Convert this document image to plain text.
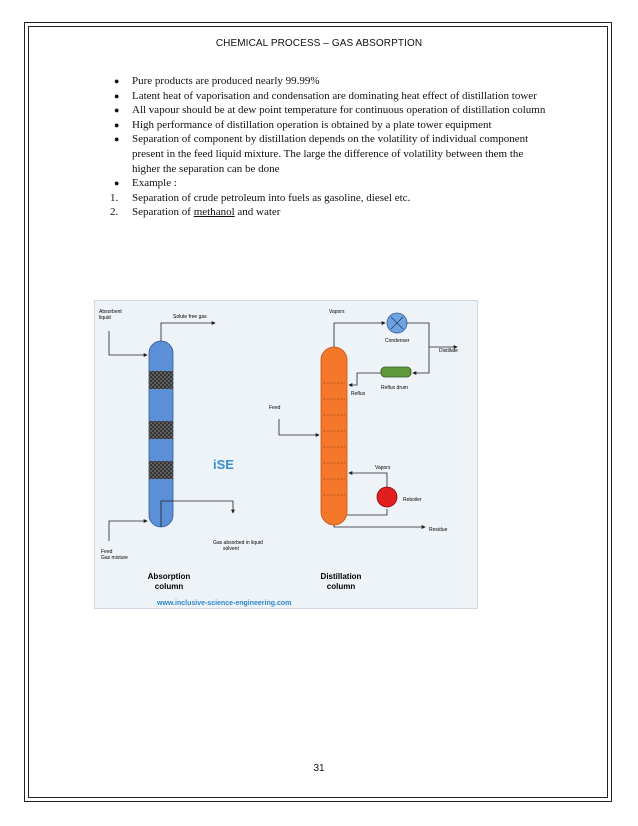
CHEMICAL PROCESS – GAS ABSORPTION
●	Pure products are produced nearly 99.99%
●	Latent heat of vaporisation and condensation are dominating heat effect of distillation tower
●	All vapour should be at dew point temperature for continuous operation of distillation column
●	High performance of distillation operation is obtained by a plate tower equipment
●	Separation of component by distillation depends on the volatility of individual component present in the feed liquid mixture. The large the difference of volatility between them the higher the separation can be done
●	Example :
1.	Separation of crude petroleum into fuels as gasoline, diesel etc.
2.	Separation of methanol and water
Absorbent liquid	Solute free gas
Feed Gas mixture
Gas absorbed in liquid solvent
Absorption column
iSE
Vapors
Condenser
Distillate
Reflux drum
Reflux
Feed
Vapors
Reboiler
Residue
Distillation column
www.inclusive-science-engineering.com
31
